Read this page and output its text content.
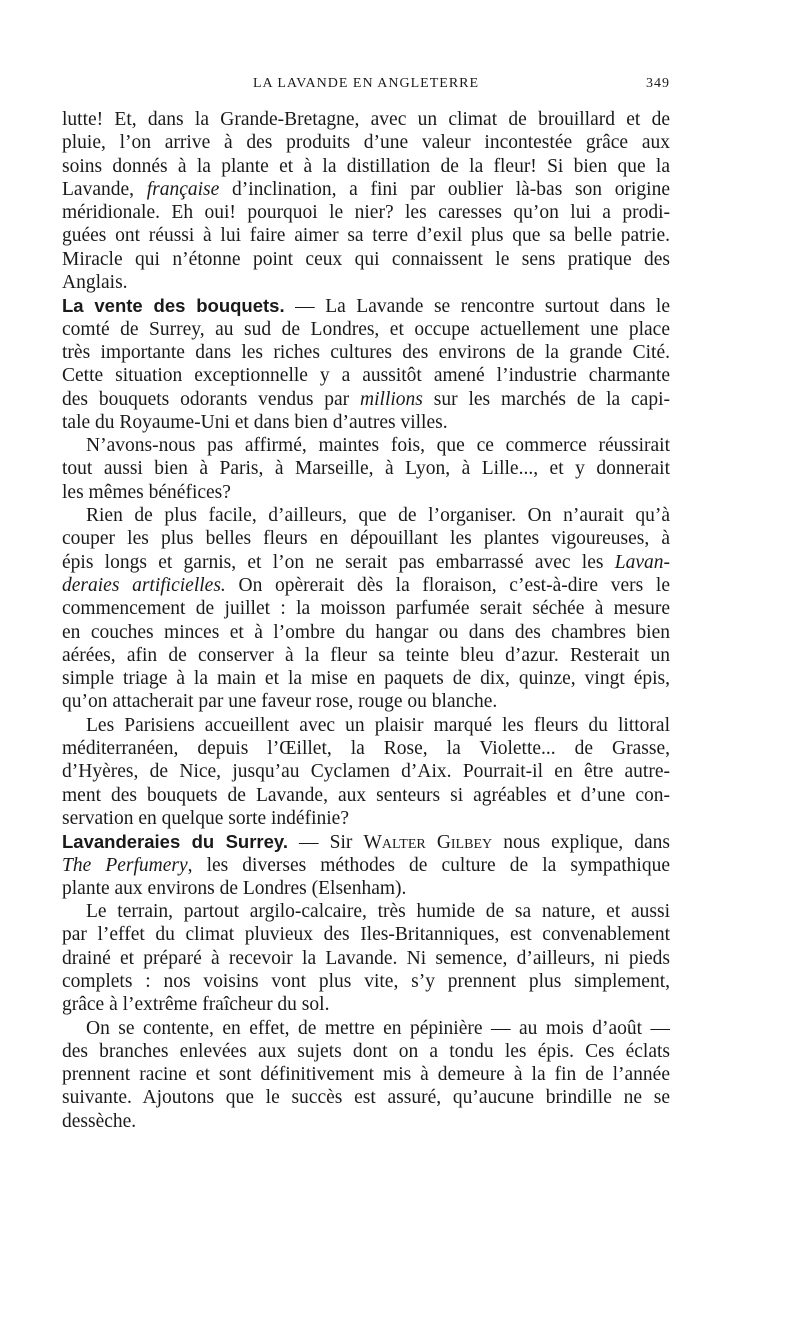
LA LAVANDE EN ANGLETERRE	349
lutte! Et, dans la Grande-Bretagne, avec un climat de brouillard et de
pluie, l’on arrive à des produits d’une valeur incontestée grâce aux
soins donnés à la plante et à la distillation de la fleur! Si bien que la
Lavande, française d’inclination, a fini par oublier là-bas son origine
méridionale. Eh oui! pourquoi le nier? les caresses qu’on lui a prodi-
guées ont réussi à lui faire aimer sa terre d’exil plus que sa belle patrie.
Miracle qui n’étonne point ceux qui connaissent le sens pratique des
Anglais.
La vente des bouquets. — La Lavande se rencontre surtout dans le
comté de Surrey, au sud de Londres, et occupe actuellement une place
très importante dans les riches cultures des environs de la grande Cité.
Cette situation exceptionnelle y a aussitôt amené l’industrie charmante
des bouquets odorants vendus par millions sur les marchés de la capi-
tale du Royaume-Uni et dans bien d’autres villes.
N’avons-nous pas affirmé, maintes fois, que ce commerce réussirait
tout aussi bien à Paris, à Marseille, à Lyon, à Lille..., et y donnerait
les mêmes bénéfices?
Rien de plus facile, d’ailleurs, que de l’organiser. On n’aurait qu’à
couper les plus belles fleurs en dépouillant les plantes vigoureuses, à
épis longs et garnis, et l’on ne serait pas embarrassé avec les Lavan-
deraies artificielles. On opèrerait dès la floraison, c’est-à-dire vers le
commencement de juillet : la moisson parfumée serait séchée à mesure
en couches minces et à l’ombre du hangar ou dans des chambres bien
aérées, afin de conserver à la fleur sa teinte bleu d’azur. Resterait un
simple triage à la main et la mise en paquets de dix, quinze, vingt épis,
qu’on attacherait par une faveur rose, rouge ou blanche.
Les Parisiens accueillent avec un plaisir marqué les fleurs du littoral
méditerranéen, depuis l’Œillet, la Rose, la Violette... de Grasse,
d’Hyères, de Nice, jusqu’au Cyclamen d’Aix. Pourrait-il en être autre-
ment des bouquets de Lavande, aux senteurs si agréables et d’une con-
servation en quelque sorte indéfinie?
Lavanderaies du Surrey. — Sir Walter Gilbey nous explique, dans
The Perfumery, les diverses méthodes de culture de la sympathique
plante aux environs de Londres (Elsenham).
Le terrain, partout argilo-calcaire, très humide de sa nature, et aussi
par l’effet du climat pluvieux des Iles-Britanniques, est convenablement
drainé et préparé à recevoir la Lavande. Ni semence, d’ailleurs, ni pieds
complets : nos voisins vont plus vite, s’y prennent plus simplement,
grâce à l’extrême fraîcheur du sol.
On se contente, en effet, de mettre en pépinière — au mois d’août —
des branches enlevées aux sujets dont on a tondu les épis. Ces éclats
prennent racine et sont définitivement mis à demeure à la fin de l’année
suivante. Ajoutons que le succès est assuré, qu’aucune brindille ne se
dessèche.
